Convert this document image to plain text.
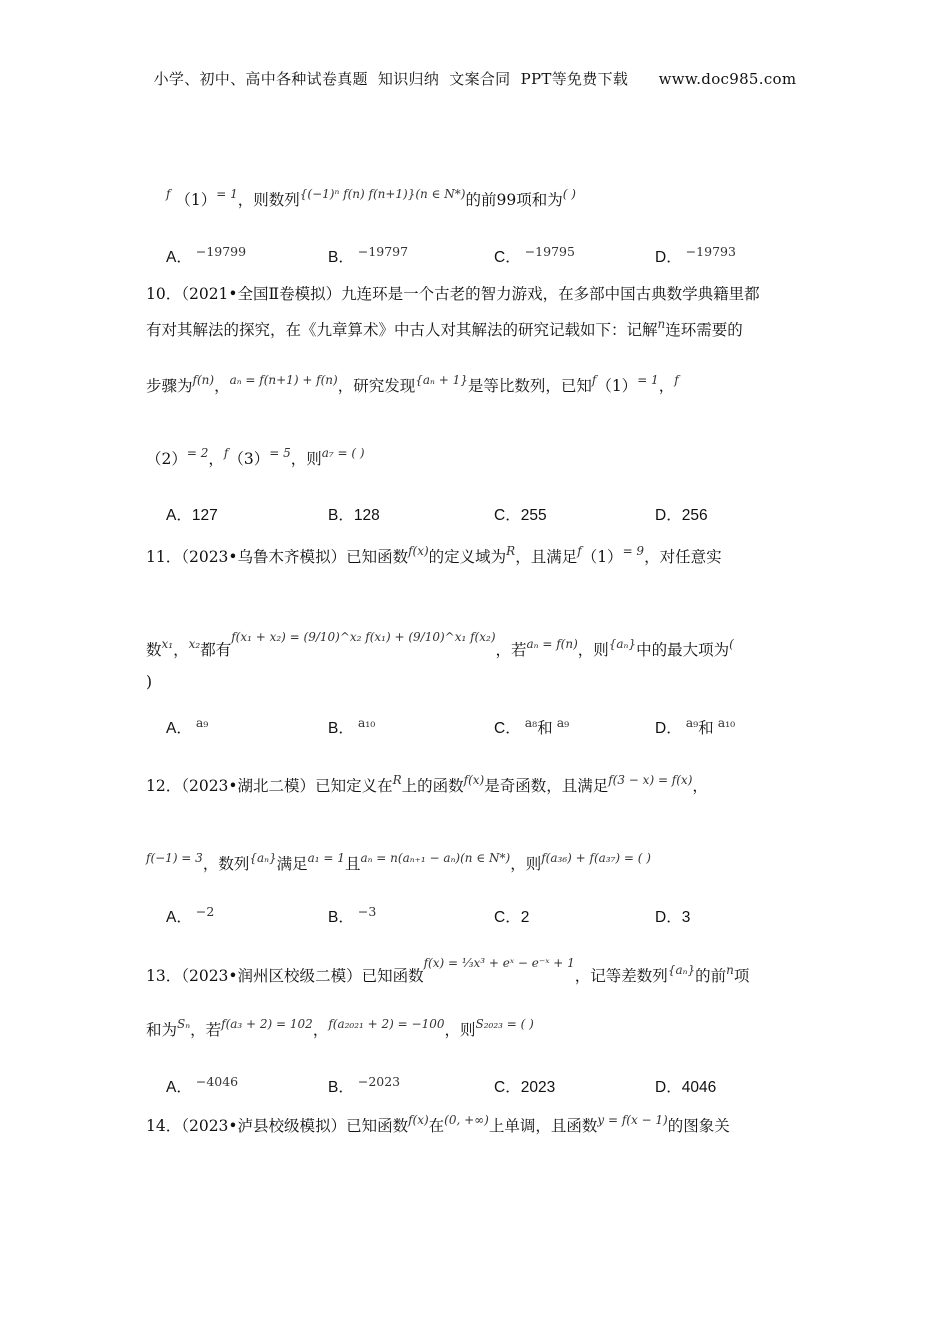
小学、初中、高中各种试卷真题  知识归纳  文案合同  PPT等免费下载      www.doc985.com
$^f$ $(1)^{= 1}$，则数列$^{\{(-1)^n f(n) f(n+1)\}(n \in N*)}$的前99项和为( )
A． $^{-19799}$	B． $^{-19797}$	C． $^{-19795}$	D． $^{-19793}$
10．（2021•全国Ⅱ卷模拟）九连环是一个古老的智力游戏，在多部中国古典数学典籍里都
有对其解法的探究，在《九章算术》中古人对其解法的研究记载如下：记解$^n$连环需要的
步骤为$^{f(n)}$，$^{a_n = f(n+1) + f(n)}$，研究发现$^{\{a_n + 1\}}$是等比数列，已知$^f(1)^{= 1}$，$^f$
$(2)^{= 2}$，$^f(3)^{= 5}$，则$^{a_7 = ( )}$
A．127	B．128	C．255	D．256
11．（2023•乌鲁木齐模拟）已知函数$^{f(x)}$的定义域为$^R$，且满足$^f(1)^{= 9}$，对任意实
数$^{x_1}$，$^{x_2}$都有$^{f(x_1 + x_2) = (9/10)\^{}x_2 f(x_1) + (9/10)\^{}x_1 f(x_2)}$，若$^{a_n = f(n)}$，则$^{\{a_n\}}$中的最大项为(
)
A． $^{a_9}$	B． $^{a_{10}}$	C． $^{a_8}$和 $^{a_9}$	D． $^{a_9}$和 $^{a_{10}}$
12．（2023•湖北二模）已知定义在$^R$上的函数$^{f(x)}$是奇函数，且满足$^{f(3 - x) = f(x)}$，
$^{f(-1) = 3}$，数列$^{\{a_n\}}$满足$^{a_1 = 1}$且$^{a_n = n(a_{n+1} - a_n)(n \in N*)}$，则$^{f(a_{36}) + f(a_{37}) = ( )}$
A． $^{-2}$	B． $^{-3}$	C．2	D．3
13．（2023•润州区校级二模）已知函数$^{f(x) = \frac{1}{3}x^3 + eˣ - e^-ˣ + 1}$，记等差数列$^{\{a_n\}}$的前$^n$项
和为$^{S_n}$，若$^{f(a_3 + 2) = 102}$，$^{f(a_{2021} + 2) = -100}$，则$^{S_{2023} = ( )}$
A． $^{-4046}$	B． $^{-2023}$	C．2023	D．4046
14．（2023•泸县校级模拟）已知函数$^{f(x)}$在$^{(0, +\infty)}$上单调，且函数$^{y = f(x - 1)}$的图象关
